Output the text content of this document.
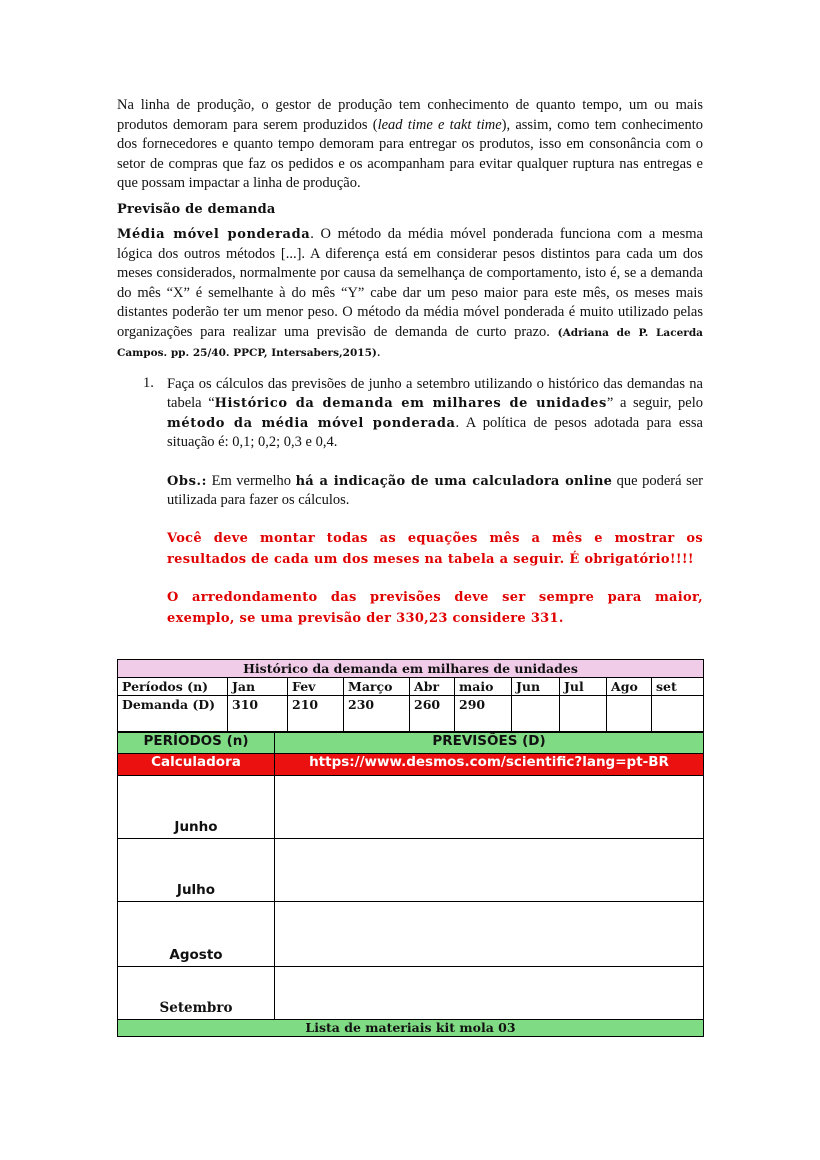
Na linha de produção, o gestor de produção tem conhecimento de quanto tempo, um ou mais produtos demoram para serem produzidos (lead time e takt time), assim, como tem conhecimento dos fornecedores e quanto tempo demoram para entregar os produtos, isso em consonância com o setor de compras que faz os pedidos e os acompanham para evitar qualquer ruptura nas entregas e que possam impactar a linha de produção.

Previsão de demanda

Média móvel ponderada. O método da média móvel ponderada funciona com a mesma lógica dos outros métodos [...]. A diferença está em considerar pesos distintos para cada um dos meses considerados, normalmente por causa da semelhança de comportamento, isto é, se a demanda do mês “X” é semelhante à do mês “Y” cabe dar um peso maior para este mês, os meses mais distantes poderão ter um menor peso. O método da média móvel ponderada é muito utilizado pelas organizações para realizar uma previsão de demanda de curto prazo. (Adriana de P. Lacerda Campos. pp. 25/40. PPCP, Intersabers,2015).

1. Faça os cálculos das previsões de junho a setembro utilizando o histórico das demandas na tabela “Histórico da demanda em milhares de unidades” a seguir, pelo método da média móvel ponderada. A política de pesos adotada para essa situação é: 0,1; 0,2; 0,3 e 0,4.

Obs.: Em vermelho há a indicação de uma calculadora online que poderá ser utilizada para fazer os cálculos.

Você deve montar todas as equações mês a mês e mostrar os resultados de cada um dos meses na tabela a seguir. É obrigatório!!!!

O arredondamento das previsões deve ser sempre para maior, exemplo, se uma previsão der 330,23 considere 331.

Histórico da demanda em milhares de unidades									
Períodos (n)	Jan	Fev	Março	Abr	maio	Jun	Jul	Ago	set
Demanda (D)	310	210	230	260	290				
PERÍODOS (n)	PREVISÕES (D)
Calculadora	https://www.desmos.com/scientific?lang=pt-BR
Junho	
Julho	
Agosto	
Setembro	
Lista de materiais kit mola 03	
